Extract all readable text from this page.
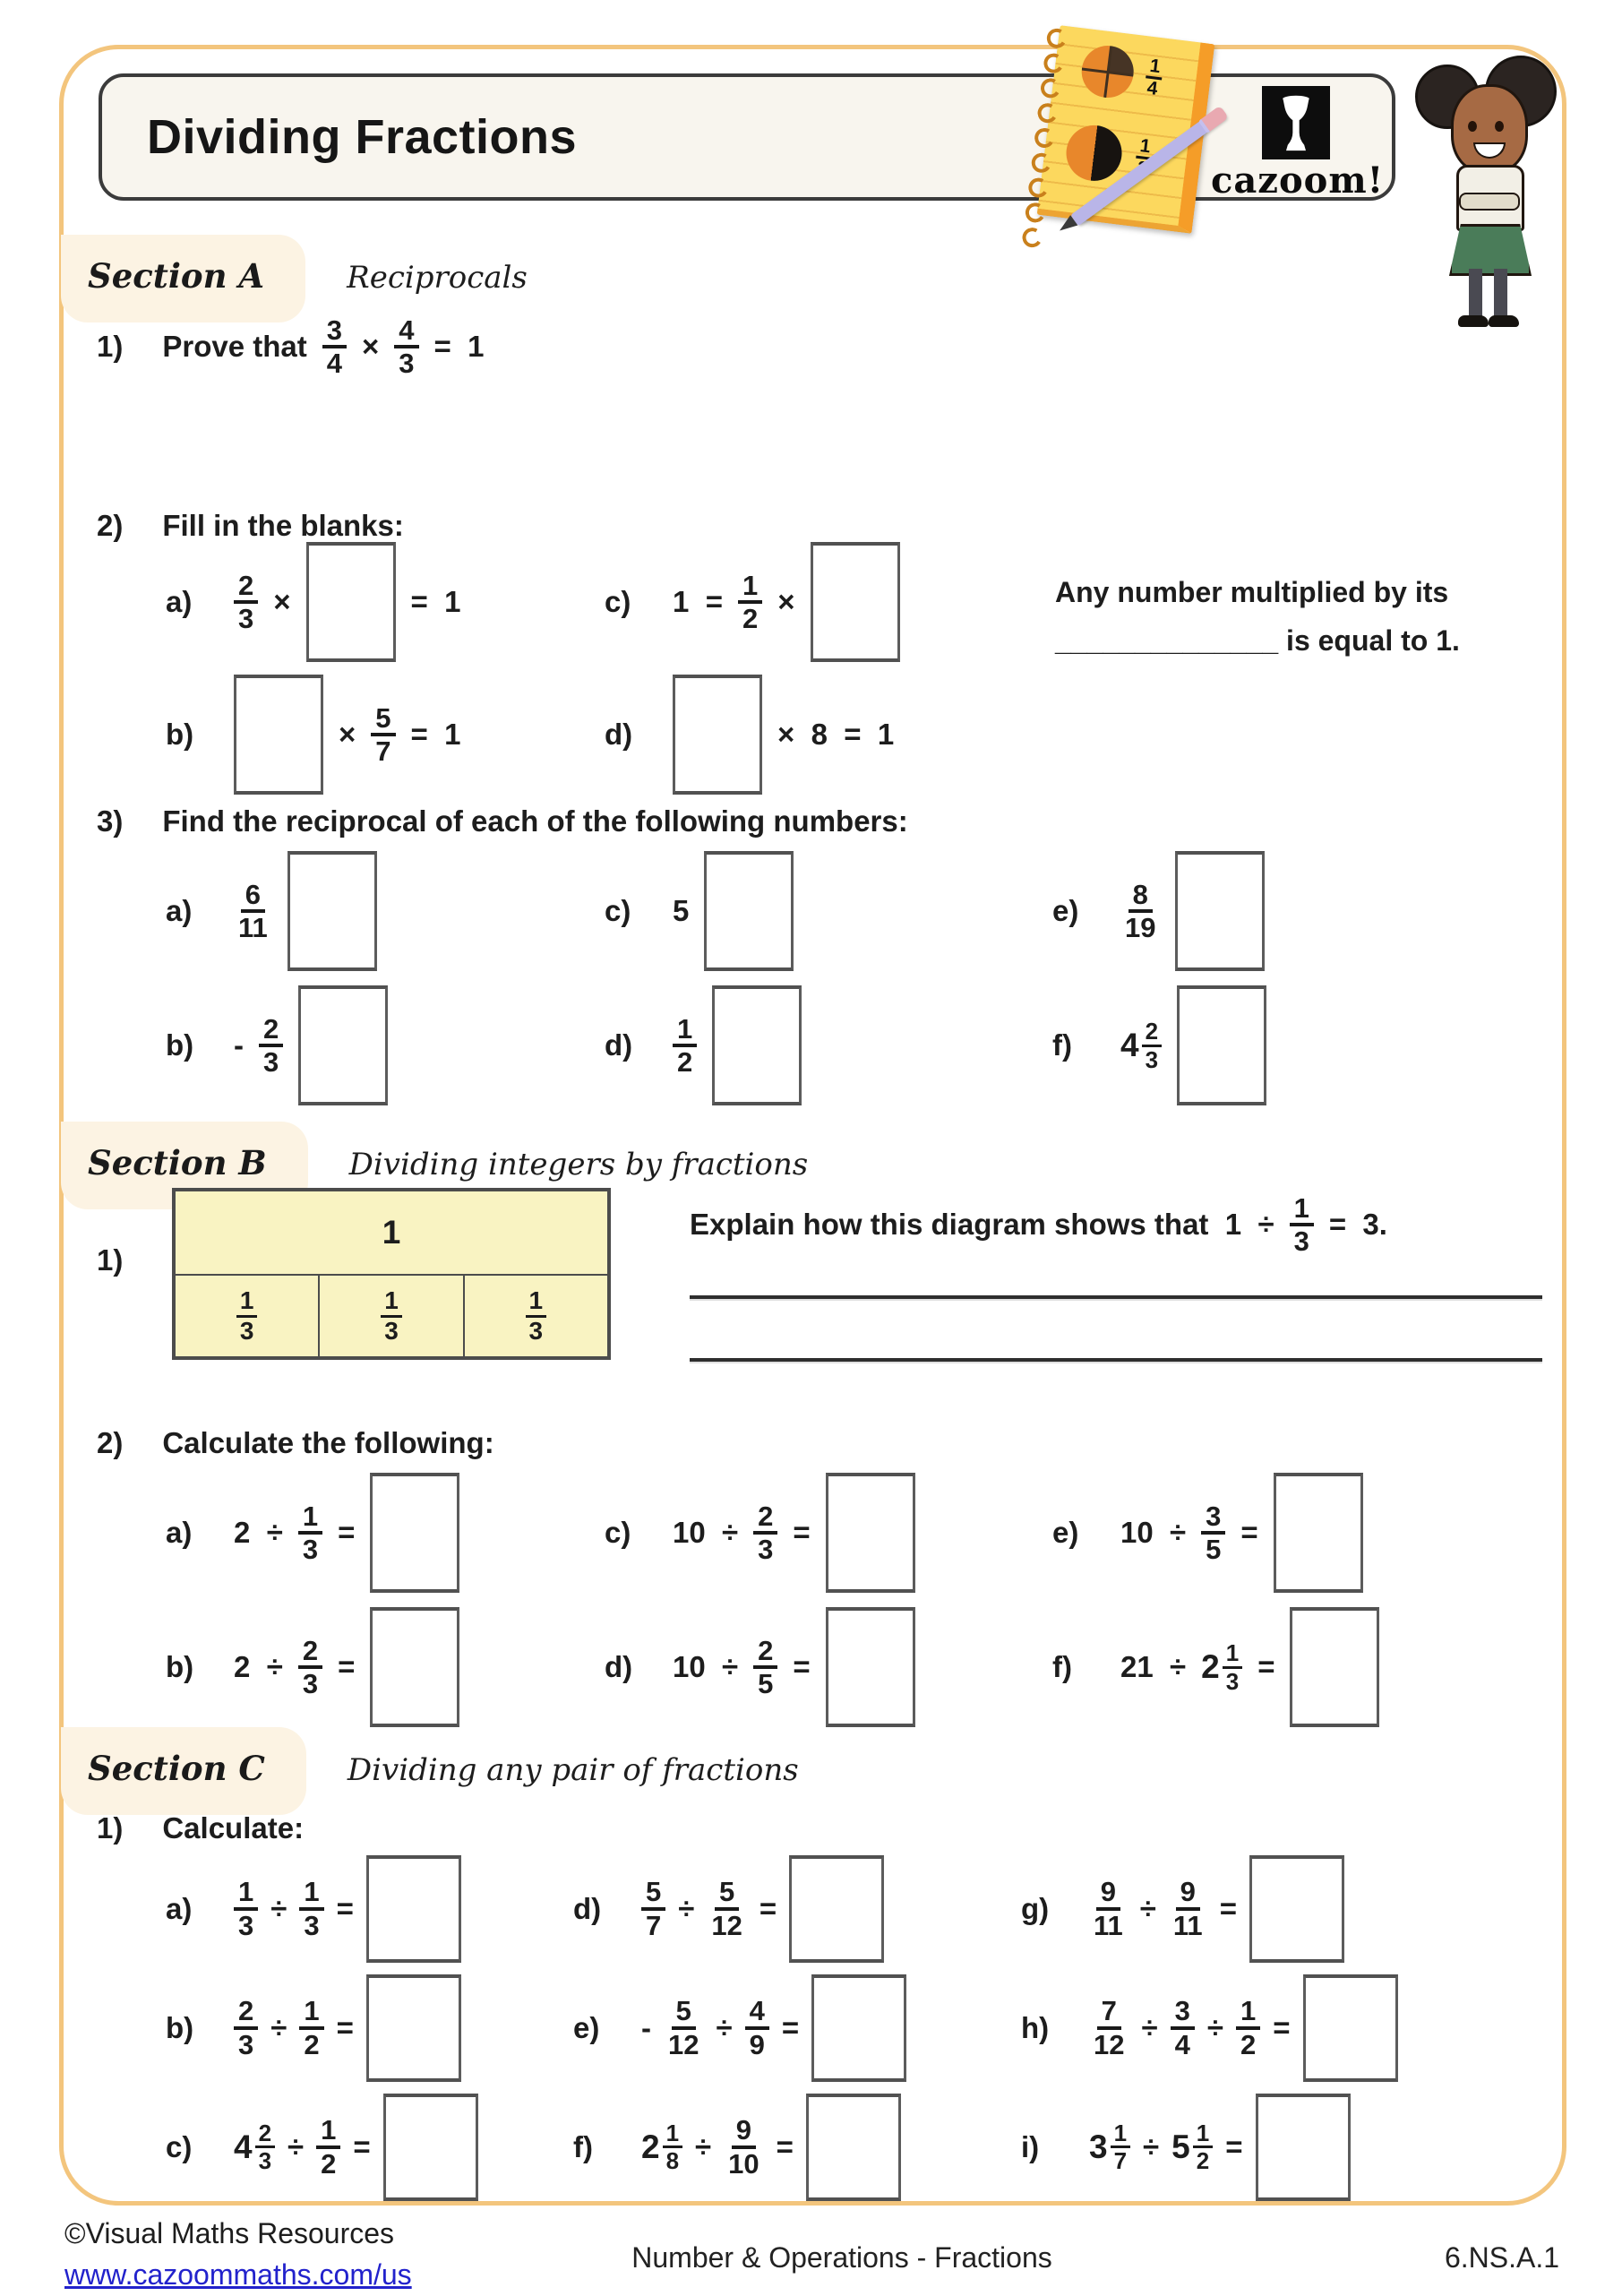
Dividing Fractions
$\frac{1}{4}$
1
cazoom!
Section A	Reciprocals
1) Prove that $\frac{3}{4} \times \frac{4}{3} = 1$
2) Fill in the blanks:
a)	$\frac{2}{3}$ ×	=  1	c)	$1 = \frac{1}{2}$ ×
b)	× $\frac{5}{7} = 1$	d)	×  8  =  1
Any number multiplied by its ______________ is equal to 1.
3) Find the reciprocal of each of the following numbers:
a)	$\frac{6}{11}$	c)	5	e)	$\frac{8}{19}$
b)	- $\frac{2}{3}$	d)	$\frac{1}{2}$	f)	$4 \frac{2}{3}$
Section B	Dividing integers by fractions
1)
1
$\frac{1}{3}$	$\frac{1}{3}$	$\frac{1}{3}$
Explain how this diagram shows that  $1 \div \frac{1}{3} = 3$.
2) Calculate the following:
a)	$2 \div \frac{1}{3}$ =	c)	$10 \div \frac{2}{3}$ =	e)	$10 \div \frac{3}{5}$ =
b)	$2 \div \frac{2}{3}$ =	d)	$10 \div \frac{2}{5}$ =	f)	$21 \div 2 \frac{1}{3}$ =
Section C	Dividing any pair of fractions
1) Calculate:
a)	$\frac{1}{3} \div \frac{1}{3}$ =	d)	$\frac{5}{7} \div \frac{5}{12}$ =	g)	$\frac{9}{11} \div \frac{9}{11}$ =
b)	$\frac{2}{3} \div \frac{1}{2}$ =	e)	- $\frac{5}{12} \div \frac{4}{9}$ =	h)	$\frac{7}{12} \div \frac{3}{4} \div \frac{1}{2}$ =
c)	$4 \frac{2}{3} \div \frac{1}{2}$ =	f)	$2 \frac{1}{8} \div \frac{9}{10}$ =	i)	$3 \frac{1}{7} \div 5 \frac{1}{2}$ =
©Visual Maths Resources
www.cazoommaths.com/us
Number & Operations - Fractions	6.NS.A.1
